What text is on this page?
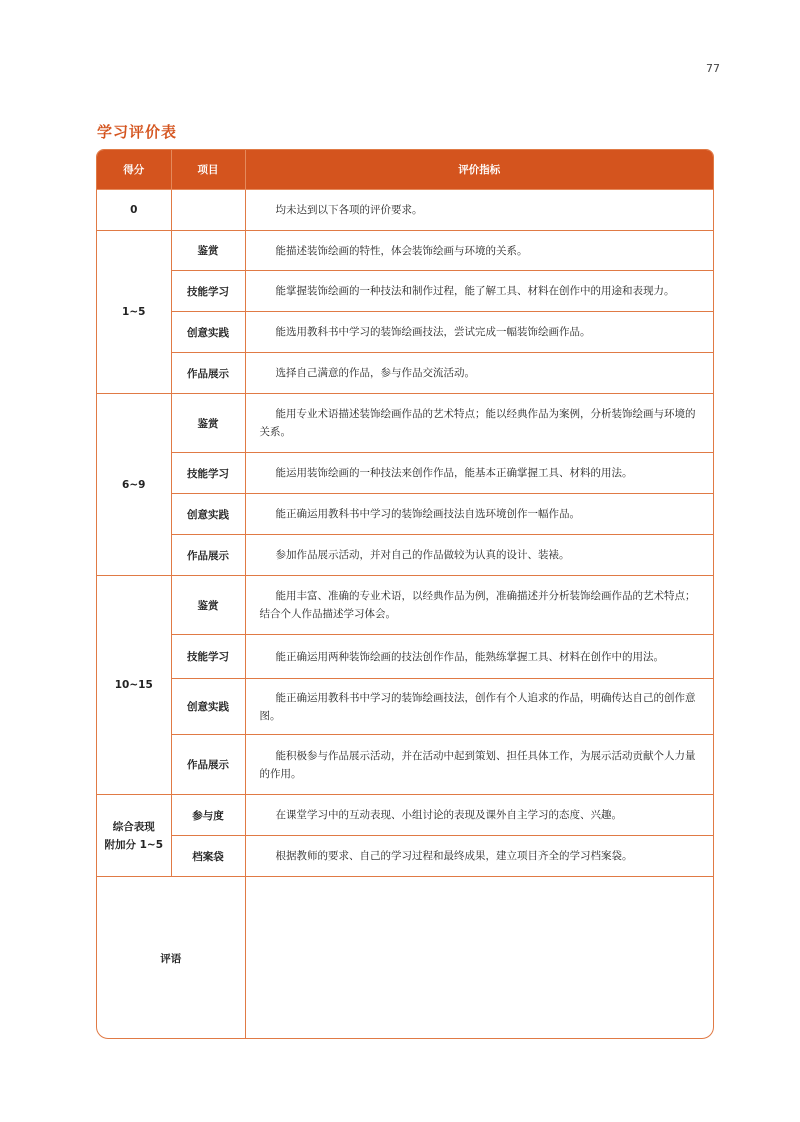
77
学习评价表
得分	项目	评价指标
0		均未达到以下各项的评价要求。
1~5	鉴赏	能描述装饰绘画的特性，体会装饰绘画与环境的关系。
	技能学习	能掌握装饰绘画的一种技法和制作过程，能了解工具、材料在创作中的用途和表现力。
	创意实践	能选用教科书中学习的装饰绘画技法，尝试完成一幅装饰绘画作品。
	作品展示	选择自己满意的作品，参与作品交流活动。
6~9	鉴赏	能用专业术语描述装饰绘画作品的艺术特点；能以经典作品为案例，分析装饰绘画与环境的关系。
	技能学习	能运用装饰绘画的一种技法来创作作品，能基本正确掌握工具、材料的用法。
	创意实践	能正确运用教科书中学习的装饰绘画技法自选环境创作一幅作品。
	作品展示	参加作品展示活动，并对自己的作品做较为认真的设计、装裱。
10~15	鉴赏	能用丰富、准确的专业术语，以经典作品为例，准确描述并分析装饰绘画作品的艺术特点；结合个人作品描述学习体会。
	技能学习	能正确运用两种装饰绘画的技法创作作品，能熟练掌握工具、材料在创作中的用法。
	创意实践	能正确运用教科书中学习的装饰绘画技法，创作有个人追求的作品，明确传达自己的创作意图。
	作品展示	能积极参与作品展示活动，并在活动中起到策划、担任具体工作，为展示活动贡献个人力量的作用。

综合表现
附加分 1~5	参与度	在课堂学习中的互动表现、小组讨论的表现及课外自主学习的态度、兴趣。
	档案袋	根据教师的要求、自己的学习过程和最终成果，建立项目齐全的学习档案袋。
评语		
